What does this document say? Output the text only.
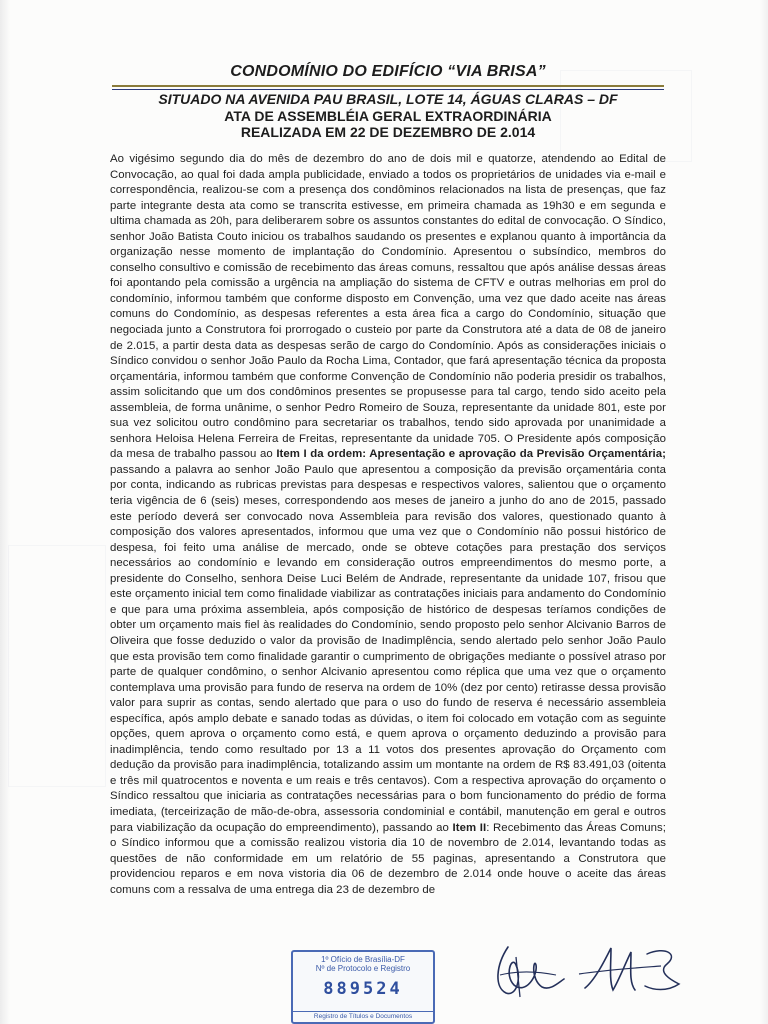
CONDOMÍNIO DO EDIFÍCIO “VIA BRISA”
SITUADO NA AVENIDA PAU BRASIL, LOTE 14, ÁGUAS CLARAS – DF
ATA DE ASSEMBLÉIA GERAL EXTRAORDINÁRIA
REALIZADA EM 22 DE DEZEMBRO DE 2.014

Ao vigésimo segundo dia do mês de dezembro do ano de dois mil e quatorze, atendendo ao Edital de Convocação, ao qual foi dada ampla publicidade, enviado a todos os proprietários de unidades via e-mail e correspondência, realizou-se com a presença dos condôminos relacionados na lista de presenças, que faz parte integrante desta ata como se transcrita estivesse, em primeira chamada as 19h30 e em segunda e ultima chamada as 20h, para deliberarem sobre os assuntos constantes do edital de convocação. O Síndico, senhor João Batista Couto iniciou os trabalhos saudando os presentes e explanou quanto à importância da organização nesse momento de implantação do Condomínio. Apresentou o subsíndico, membros do conselho consultivo e comissão de recebimento das áreas comuns, ressaltou que após análise dessas áreas foi apontando pela comissão a urgência na ampliação do sistema de CFTV e outras melhorias em prol do condomínio, informou também que conforme disposto em Convenção, uma vez que dado aceite nas áreas comuns do Condomínio, as despesas referentes a esta área fica a cargo do Condomínio, situação que negociada junto a Construtora foi prorrogado o custeio por parte da Construtora até a data de 08 de janeiro de 2.015, a partir desta data as despesas serão de cargo do Condomínio. Após as considerações iniciais o Síndico convidou o senhor João Paulo da Rocha Lima, Contador, que fará apresentação técnica da proposta orçamentária, informou também que conforme Convenção de Condomínio não poderia presidir os trabalhos, assim solicitando que um dos condôminos presentes se propusesse para tal cargo, tendo sido aceito pela assembleia, de forma unânime, o senhor Pedro Romeiro de Souza, representante da unidade 801, este por sua vez solicitou outro condômino para secretariar os trabalhos, tendo sido aprovada por unanimidade a senhora Heloisa Helena Ferreira de Freitas, representante da unidade 705. O Presidente após composição da mesa de trabalho passou ao Item I da ordem: Apresentação e aprovação da Previsão Orçamentária; passando a palavra ao senhor João Paulo que apresentou a composição da previsão orçamentária conta por conta, indicando as rubricas previstas para despesas e respectivos valores, salientou que o orçamento teria vigência de 6 (seis) meses, correspondendo aos meses de janeiro a junho do ano de 2015, passado este período deverá ser convocado nova Assembleia para revisão dos valores, questionado quanto à composição dos valores apresentados, informou que uma vez que o Condomínio não possui histórico de despesa, foi feito uma análise de mercado, onde se obteve cotações para prestação dos serviços necessários ao condomínio e levando em consideração outros empreendimentos do mesmo porte, a presidente do Conselho, senhora Deise Luci Belém de Andrade, representante da unidade 107, frisou que este orçamento inicial tem como finalidade viabilizar as contratações iniciais para andamento do Condomínio e que para uma próxima assembleia, após composição de histórico de despesas teríamos condições de obter um orçamento mais fiel às realidades do Condomínio, sendo proposto pelo senhor Alcivanio Barros de Oliveira que fosse deduzido o valor da provisão de Inadimplência, sendo alertado pelo senhor João Paulo que esta provisão tem como finalidade garantir o cumprimento de obrigações mediante o possível atraso por parte de qualquer condômino, o senhor Alcivanio apresentou como réplica que uma vez que o orçamento contemplava uma provisão para fundo de reserva na ordem de 10% (dez por cento) retirasse dessa provisão valor para suprir as contas, sendo alertado que para o uso do fundo de reserva é necessário assembleia específica, após amplo debate e sanado todas as dúvidas, o item foi colocado em votação com as seguinte opções, quem aprova o orçamento como está, e quem aprova o orçamento deduzindo a provisão para inadimplência, tendo como resultado por 13 a 11 votos dos presentes aprovação do Orçamento com dedução da provisão para inadimplência, totalizando assim um montante na ordem de R$ 83.491,03 (oitenta e três mil quatrocentos e noventa e um reais e três centavos). Com a respectiva aprovação do orçamento o Síndico ressaltou que iniciaria as contratações necessárias para o bom funcionamento do prédio de forma imediata, (terceirização de mão-de-obra, assessoria condominial e contábil, manutenção em geral e outros para viabilização da ocupação do empreendimento), passando ao Item II: Recebimento das Áreas Comuns; o Síndico informou que a comissão realizou vistoria dia 10 de novembro de 2.014, levantando todas as questões de não conformidade em um relatório de 55 paginas, apresentando a Construtora que providenciou reparos e em nova vistoria dia 06 de dezembro de 2.014 onde houve o aceite das áreas comuns com a ressalva de uma entrega dia 23 de dezembro de

1º Ofício de Brasília-DF
Nº de Protocolo e Registro
889524
Registro de Títulos e Documentos
